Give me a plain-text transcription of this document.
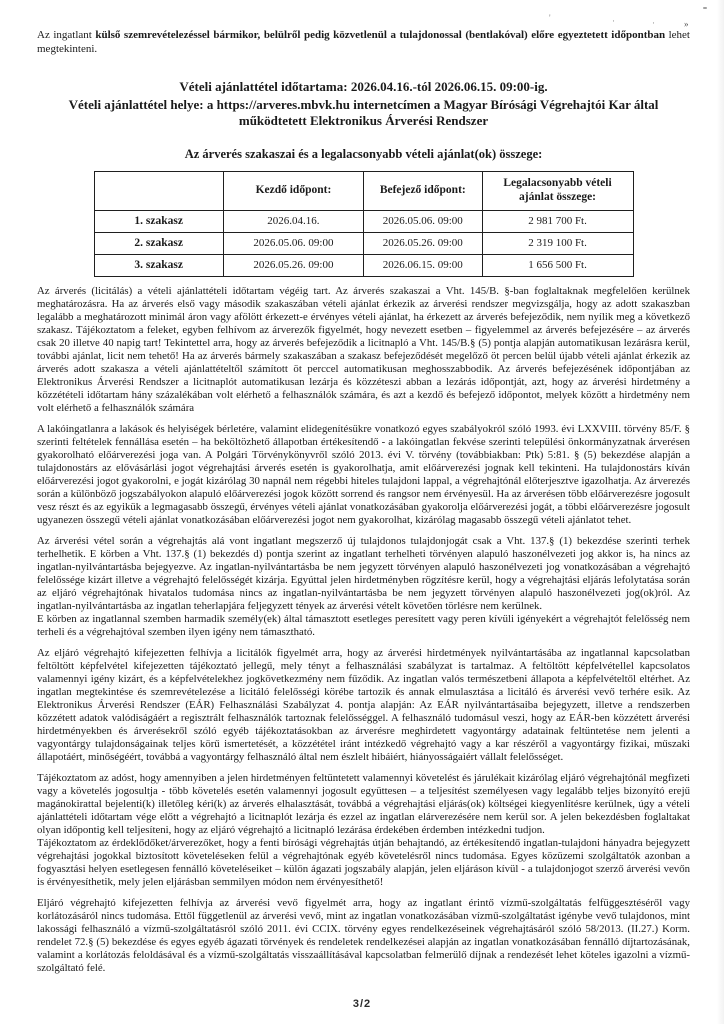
'	·	·	»

Az ingatlant külső szemrevételezéssel bármikor, belülről pedig közvetlenül a tulajdonossal (bentlakóval) előre egyeztetett időpontban lehet megtekinteni.

Vételi ajánlattétel időtartama: 2026.04.16.-tól 2026.06.15. 09:00-ig.
Vételi ajánlattétel helye: a https://arveres.mbvk.hu internetcímen a Magyar Bírósági Végrehajtói Kar által
működtetett Elektronikus Árverési Rendszer
Az árverés szakaszai és a legalacsonyabb vételi ajánlat(ok) összege:
	Kezdő időpont:	Befejező időpont:	Legalacsonyabb vételi ajánlat összege:
1. szakasz	2026.04.16.	2026.05.06. 09:00	2 981 700 Ft.
2. szakasz	2026.05.06. 09:00	2026.05.26. 09:00	2 319 100 Ft.
3. szakasz	2026.05.26. 09:00	2026.06.15. 09:00	1 656 500 Ft.

Az árverés (licitálás) a vételi ajánlattételi időtartam végéig tart. Az árverés szakaszai a Vht. 145/B. §-ban foglaltaknak megfelelően kerülnek meghatározásra. Ha az árverés első vagy második szakaszában vételi ajánlat érkezik az árverési rendszer megvizsgálja, hogy az adott szakaszban legalább a meghatározott minimál áron vagy afölött érkezett-e érvényes vételi ajánlat, ha érkezett az árverés befejeződik, nem nyílik meg a következő szakasz. Tájékoztatom a feleket, egyben felhívom az árverezők figyelmét, hogy nevezett esetben – figyelemmel az árverés befejezésére – az árverés csak 20 illetve 40 napig tart! Tekintettel arra, hogy az árverés befejeződik a licitnapló a Vht. 145/B.§ (5) pontja alapján automatikusan lezárásra kerül, további ajánlat, licit nem tehető! Ha az árverés bármely szakaszában a szakasz befejeződését megelőző öt percen belül újabb vételi ajánlat érkezik az árverés adott szakasza a vételi ajánlattételtől számított öt perccel automatikusan meghosszabbodik. Az árverés befejezésének időpontjában az Elektronikus Árverési Rendszer a licitnaplót automatikusan lezárja és közzéteszi abban a lezárás időpontját, azt, hogy az árverési hirdetmény a közzétételi időtartam hány százalékában volt elérhető a felhasználók számára, és azt a kezdő és befejező időpontot, melyek között a hirdetmény nem volt elérhető a felhasználók számára

A lakóingatlanra a lakások és helyiségek bérletére, valamint elidegenítésükre vonatkozó egyes szabályokról szóló 1993. évi LXXVIII. törvény 85/F. § szerinti feltételek fennállása esetén – ha beköltözhető állapotban értékesítendő - a lakóingatlan fekvése szerinti települési önkormányzatnak árverésen gyakorolható előárverezési joga van. A Polgári Törvénykönyvről szóló 2013. évi V. törvény (továbbiakban: Ptk) 5:81. § (5) bekezdése alapján a tulajdonostárs az elővásárlási jogot végrehajtási árverés esetén is gyakorolhatja, amit előárverezési jognak kell tekinteni. Ha tulajdonostárs kíván előárverezési jogot gyakorolni, e jogát kizárólag 30 napnál nem régebbi hiteles tulajdoni lappal, a végrehajtónál előterjesztve igazolhatja. Az árverezés során a különböző jogszabályokon alapuló előárverezési jogok között sorrend és rangsor nem érvényesül. Ha az árverésen több előárverezésre jogosult vesz részt és az egyikük a legmagasabb összegű, érvényes vételi ajánlat vonatkozásában gyakorolja előárverezési jogát, a többi előárverezésre jogosult ugyanezen összegű vételi ajánlat vonatkozásában előárverezési jogot nem gyakorolhat, kizárólag magasabb összegű vételi ajánlatot tehet.

Az árverési vétel során a végrehajtás alá vont ingatlant megszerző új tulajdonos tulajdonjogát csak a Vht. 137.§ (1) bekezdése szerinti terhek terhelhetik. E körben a Vht. 137.§ (1) bekezdés d) pontja szerint az ingatlant terhelheti törvényen alapuló haszonélvezeti jog akkor is, ha nincs az ingatlan-nyilvántartásba bejegyezve. Az ingatlan-nyilvántartásba be nem jegyzett törvényen alapuló haszonélvezeti jog vonatkozásában a végrehajtó felelőssége kizárt illetve a végrehajtó felelősségét kizárja. Egyúttal jelen hirdetményben rögzítésre kerül, hogy a végrehajtási eljárás lefolytatása során az eljáró végrehajtónak hivatalos tudomása nincs az ingatlan-nyilvántartásba be nem jegyzett törvényen alapuló haszonélvezeti jog(ok)ról. Az ingatlan-nyilvántartásba az ingatlan teherlapjára feljegyzett tények az árverési vételt követően törlésre nem kerülnek.

E körben az ingatlannal szemben harmadik személy(ek) által támasztott esetleges peresített vagy peren kívüli igényekért a végrehajtót felelősség nem terheli és a végrehajtóval szemben ilyen igény nem támasztható.

Az eljáró végrehajtó kifejezetten felhívja a licitálók figyelmét arra, hogy az árverési hirdetmények nyilvántartásába az ingatlannal kapcsolatban feltöltött képfelvétel kifejezetten tájékoztató jellegű, mely tényt a felhasználási szabályzat is tartalmaz. A feltöltött képfelvétellel kapcsolatos valamennyi igény kizárt, és a képfelvételekhez jogkövetkezmény nem fűződik. Az ingatlan valós természetbeni állapota a képfelvételtől eltérhet. Az ingatlan megtekintése és szemrevételezése a licitáló felelősségi körébe tartozik és annak elmulasztása a licitáló és árverési vevő terhére esik. Az Elektronikus Árverési Rendszer (EÁR) Felhasználási Szabályzat 4. pontja alapján: Az EÁR nyilvántartásaiba bejegyzett, illetve a rendszerben közzétett adatok valódiságáért a regisztrált felhasználók tartoznak felelősséggel. A felhasználó tudomásul veszi, hogy az EÁR-ben közzétett árverési hirdetményekben és árverésekről szóló egyéb tájékoztatásokban az árverésre meghirdetett vagyontárgy adatainak feltüntetése nem jelenti a vagyontárgy tulajdonságainak teljes körű ismertetését, a közzététel iránt intézkedő végrehajtó vagy a kar részéről a vagyontárgy fizikai, műszaki állapotáért, minőségéért, továbbá a vagyontárgy felhasználó által nem észlelt hibáiért, hiányosságaiért vállalt felelősséget.

Tájékoztatom az adóst, hogy amennyiben a jelen hirdetményen feltüntetett valamennyi követelést és járulékait kizárólag eljáró végrehajtónál megfizeti vagy a követelés jogosultja - több követelés esetén valamennyi jogosult együttesen – a teljesítést személyesen vagy legalább teljes bizonyító erejű magánokirattal bejelenti(k) illetőleg kéri(k) az árverés elhalasztását, továbbá a végrehajtási eljárás(ok) költségei kiegyenlítésre kerülnek, úgy a vételi ajánlattételi időtartam vége előtt a végrehajtó a licitnaplót lezárja és ezzel az ingatlan elárverezésére nem kerül sor. A jelen bekezdésben foglaltakat olyan időpontig kell teljesíteni, hogy az eljáró végrehajtó a licitnapló lezárása érdekében érdemben intézkedni tudjon.

Tájékoztatom az érdeklődőket/árverezőket, hogy a fenti bírósági végrehajtás útján behajtandó, az értékesítendő ingatlan-tulajdoni hányadra bejegyzett végrehajtási jogokkal biztosított követeléseken felül a végrehajtónak egyéb követelésről nincs tudomása. Egyes közüzemi szolgáltatók azonban a fogyasztási helyen esetlegesen fennálló követeléseiket – külön ágazati jogszabály alapján, jelen eljáráson kívül - a tulajdonjogot szerző árverési vevőn is érvényesíthetik, mely jelen eljárásban semmilyen módon nem érvényesíthető!

Eljáró végrehajtó kifejezetten felhívja az árverési vevő figyelmét arra, hogy az ingatlant érintő vízmű-szolgáltatás felfüggesztéséről vagy korlátozásáról nincs tudomása. Ettől függetlenül az árverési vevő, mint az ingatlan vonatkozásában vízmű-szolgáltatást igénybe vevő tulajdonos, mint lakossági felhasználó a vízmű-szolgáltatásról szóló 2011. évi CCIX. törvény egyes rendelkezéseinek végrehajtásáról szóló 58/2013. (II.27.) Korm. rendelet 72.§ (5) bekezdése és egyes egyéb ágazati törvények és rendeletek rendelkezései alapján az ingatlan vonatkozásában fennálló díjtartozásának, valamint a korlátozás feloldásával és a vízmű-szolgáltatás visszaállításával kapcsolatban felmerülő díjnak a rendezését lehet köteles igazolni a vízmű-szolgáltató felé.

3/2
